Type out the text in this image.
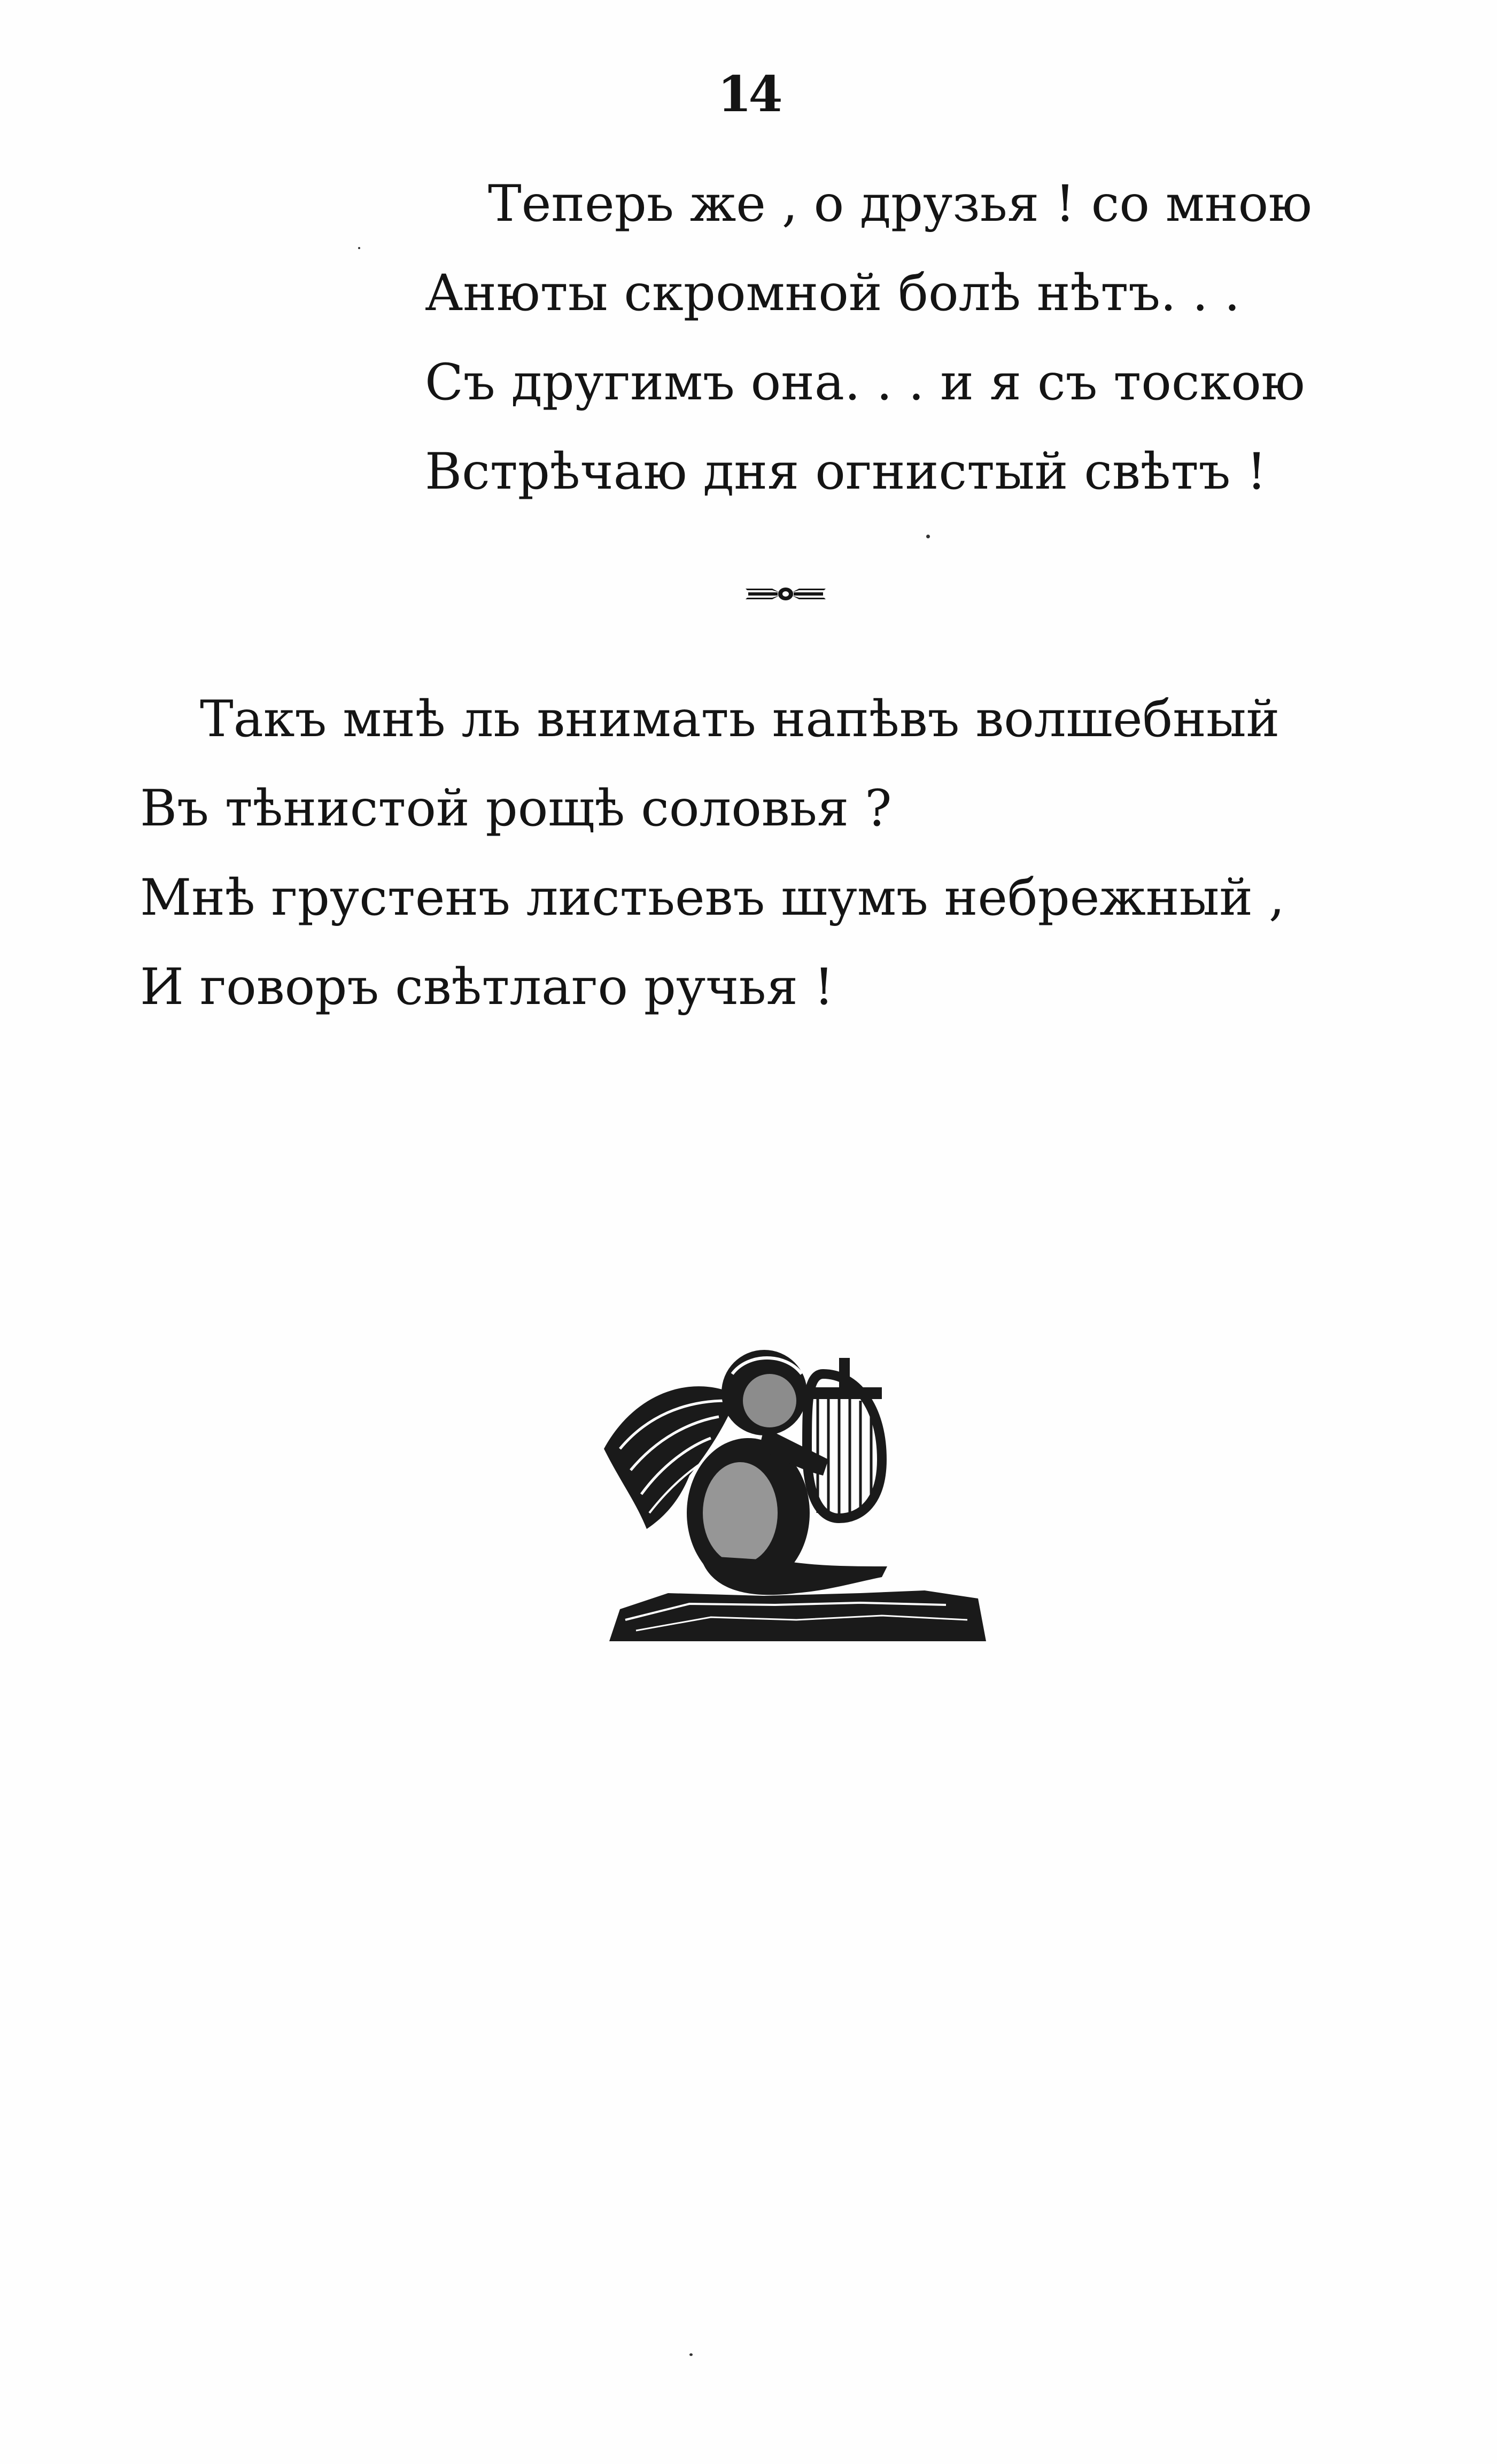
14
Теперь же , о друзья ! со мною
Анюты скромной болѣ нѣтъ. . .
Съ другимъ она. . . и я съ тоскою
Встрѣчаю дня огнистый свѣтъ !
Такъ мнѣ ль внимать напѣвъ волшебный
Въ тѣнистой рощѣ соловья ?
Мнѣ грустенъ листьевъ шумъ небрежный ,
И говоръ свѣтлаго ручья !
